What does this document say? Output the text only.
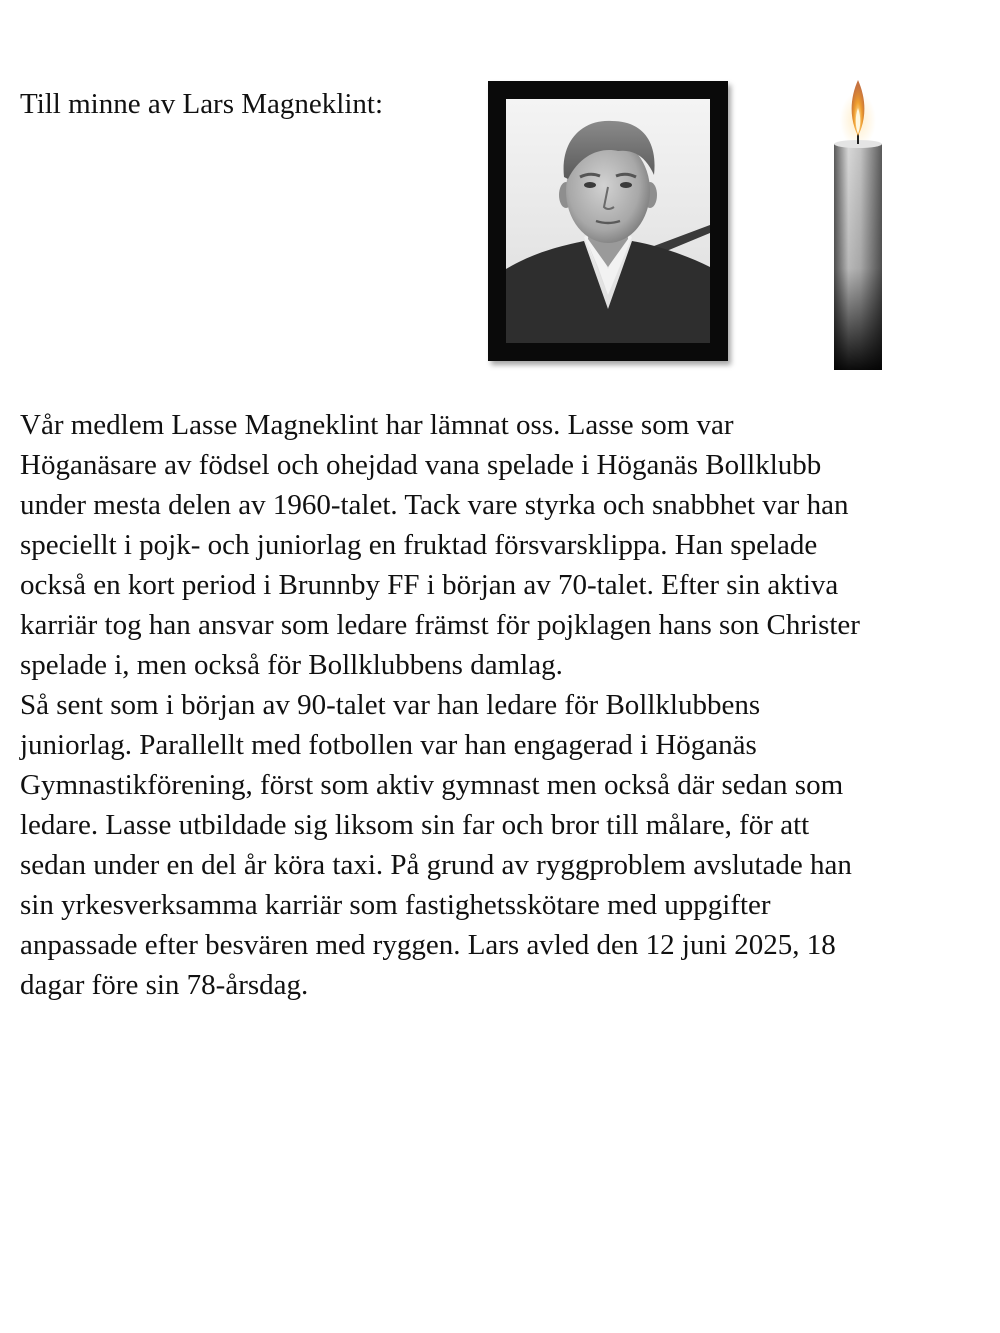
Till minne av Lars Magneklint:
Vår medlem Lasse Magneklint har lämnat oss. Lasse som var
Höganäsare av födsel och ohejdad vana spelade i Höganäs Bollklubb
under mesta delen av 1960-talet. Tack vare styrka och snabbhet var han
speciellt i pojk- och juniorlag en fruktad försvarsklippa. Han spelade
också en kort period i Brunnby FF i början av 70-talet. Efter sin aktiva
karriär tog han ansvar som ledare främst för pojklagen hans son Christer
spelade i, men också för Bollklubbens damlag.
Så sent som i början av 90-talet var han ledare för Bollklubbens
juniorlag. Parallellt med fotbollen var han engagerad i Höganäs
Gymnastikförening, först som aktiv gymnast men också där sedan som
ledare. Lasse utbildade sig liksom sin far och bror till målare, för att
sedan under en del år köra taxi. På grund av ryggproblem avslutade han
sin yrkesverksamma karriär som fastighetsskötare med uppgifter
anpassade efter besvären med ryggen. Lars avled den 12 juni 2025, 18
dagar före sin 78-årsdag.
